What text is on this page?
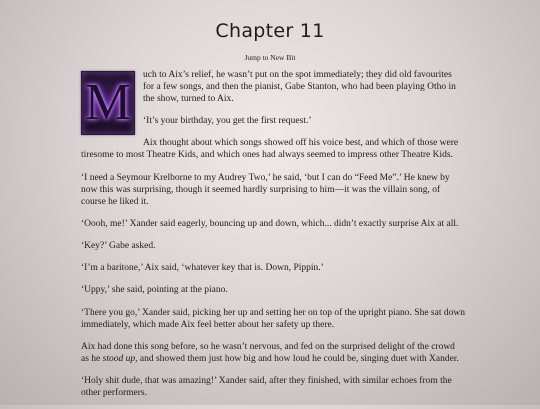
Chapter 11
Jump to New Bit

M uch to Aix’s relief, he wasn’t put on the spot immediately; they did old favourites for a few songs, and then the pianist, Gabe Stanton, who had been playing Otho in the show, turned to Aix.

‘It’s your birthday, you get the first request.’

Aix thought about which songs showed off his voice best, and which of those were tiresome to most Theatre Kids, and which ones had always seemed to impress other Theatre Kids.

‘I need a Seymour Krelborne to my Audrey Two,’ he said, ‘but I can do “Feed Me”.’ He knew by now this was surprising, though it seemed hardly surprising to him—it was the villain song, of course he liked it.

‘Oooh, me!’ Xander said eagerly, bouncing up and down, which... didn’t exactly surprise Aix at all.

‘Key?’ Gabe asked.

‘I’m a baritone,’ Aix said, ‘whatever key that is. Down, Pippin.’

‘Uppy,’ she said, pointing at the piano.

‘There you go,’ Xander said, picking her up and setting her on top of the upright piano. She sat down immediately, which made Aix feel better about her safety up there.

Aix had done this song before, so he wasn’t nervous, and fed on the surprised delight of the crowd as he stood up, and showed them just how big and how loud he could be, singing duet with Xander.

‘Holy shit dude, that was amazing!’ Xander said, after they finished, with similar echoes from the other performers.
